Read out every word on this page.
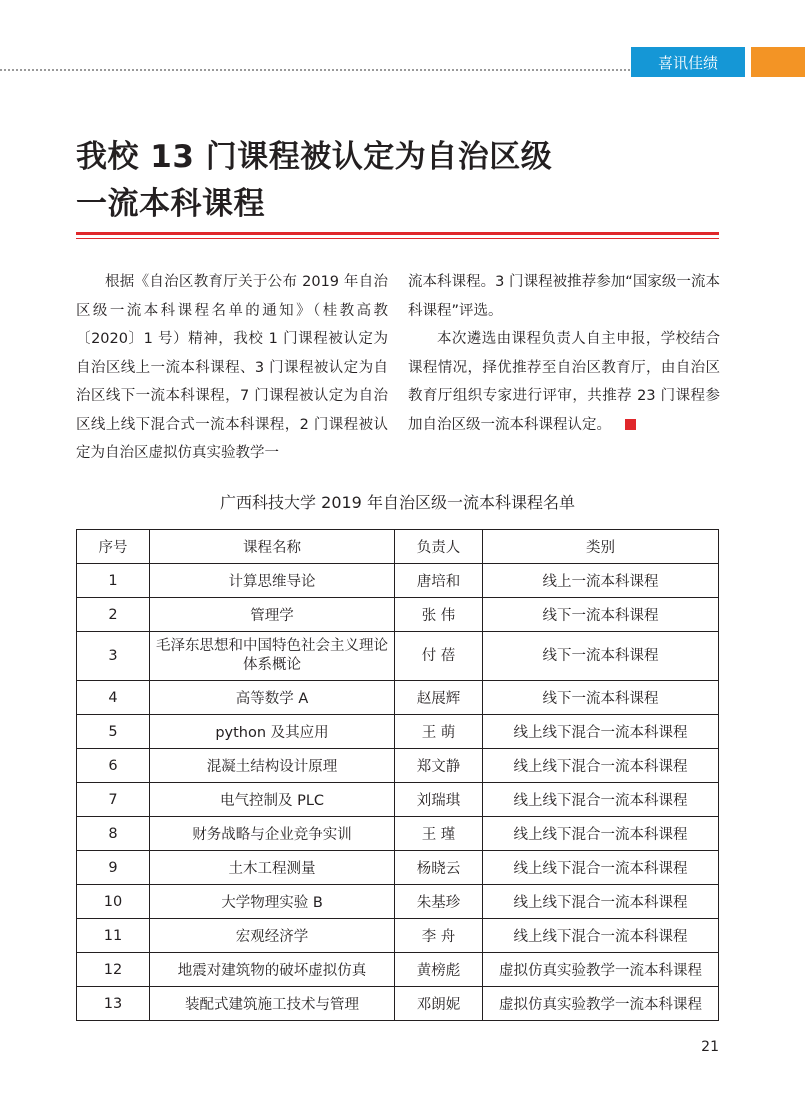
喜讯佳绩
我校 13 门课程被认定为自治区级
一流本科课程

根据《自治区教育厅关于公布 2019 年自治区级一流本科课程名单的通知》（桂教高教〔2020〕1 号）精神，我校 1 门课程被认定为自治区线上一流本科课程、3 门课程被认定为自治区线下一流本科课程，7 门课程被认定为自治区线上线下混合式一流本科课程，2 门课程被认定为自治区虚拟仿真实验教学一

流本科课程。3 门课程被推荐参加“国家级一流本科课程”评选。

本次遴选由课程负责人自主申报，学校结合课程情况，择优推荐至自治区教育厅，由自治区教育厅组织专家进行评审，共推荐 23 门课程参加自治区级一流本科课程认定。

广西科技大学 2019 年自治区级一流本科课程名单
序号	课程名称	负责人	类别
1	计算思维导论	唐培和	线上一流本科课程
2	管理学	张 伟	线下一流本科课程
3	毛泽东思想和中国特色社会主义理论体系概论	付 蓓	线下一流本科课程
4	高等数学 A	赵展辉	线下一流本科课程
5	python 及其应用	王 萌	线上线下混合一流本科课程
6	混凝土结构设计原理	郑文静	线上线下混合一流本科课程
7	电气控制及 PLC	刘瑞琪	线上线下混合一流本科课程
8	财务战略与企业竞争实训	王 瑾	线上线下混合一流本科课程
9	土木工程测量	杨晓云	线上线下混合一流本科课程
10	大学物理实验 B	朱基珍	线上线下混合一流本科课程
11	宏观经济学	李 舟	线上线下混合一流本科课程
12	地震对建筑物的破坏虚拟仿真	黄榜彪	虚拟仿真实验教学一流本科课程
13	装配式建筑施工技术与管理	邓朗妮	虚拟仿真实验教学一流本科课程
21
